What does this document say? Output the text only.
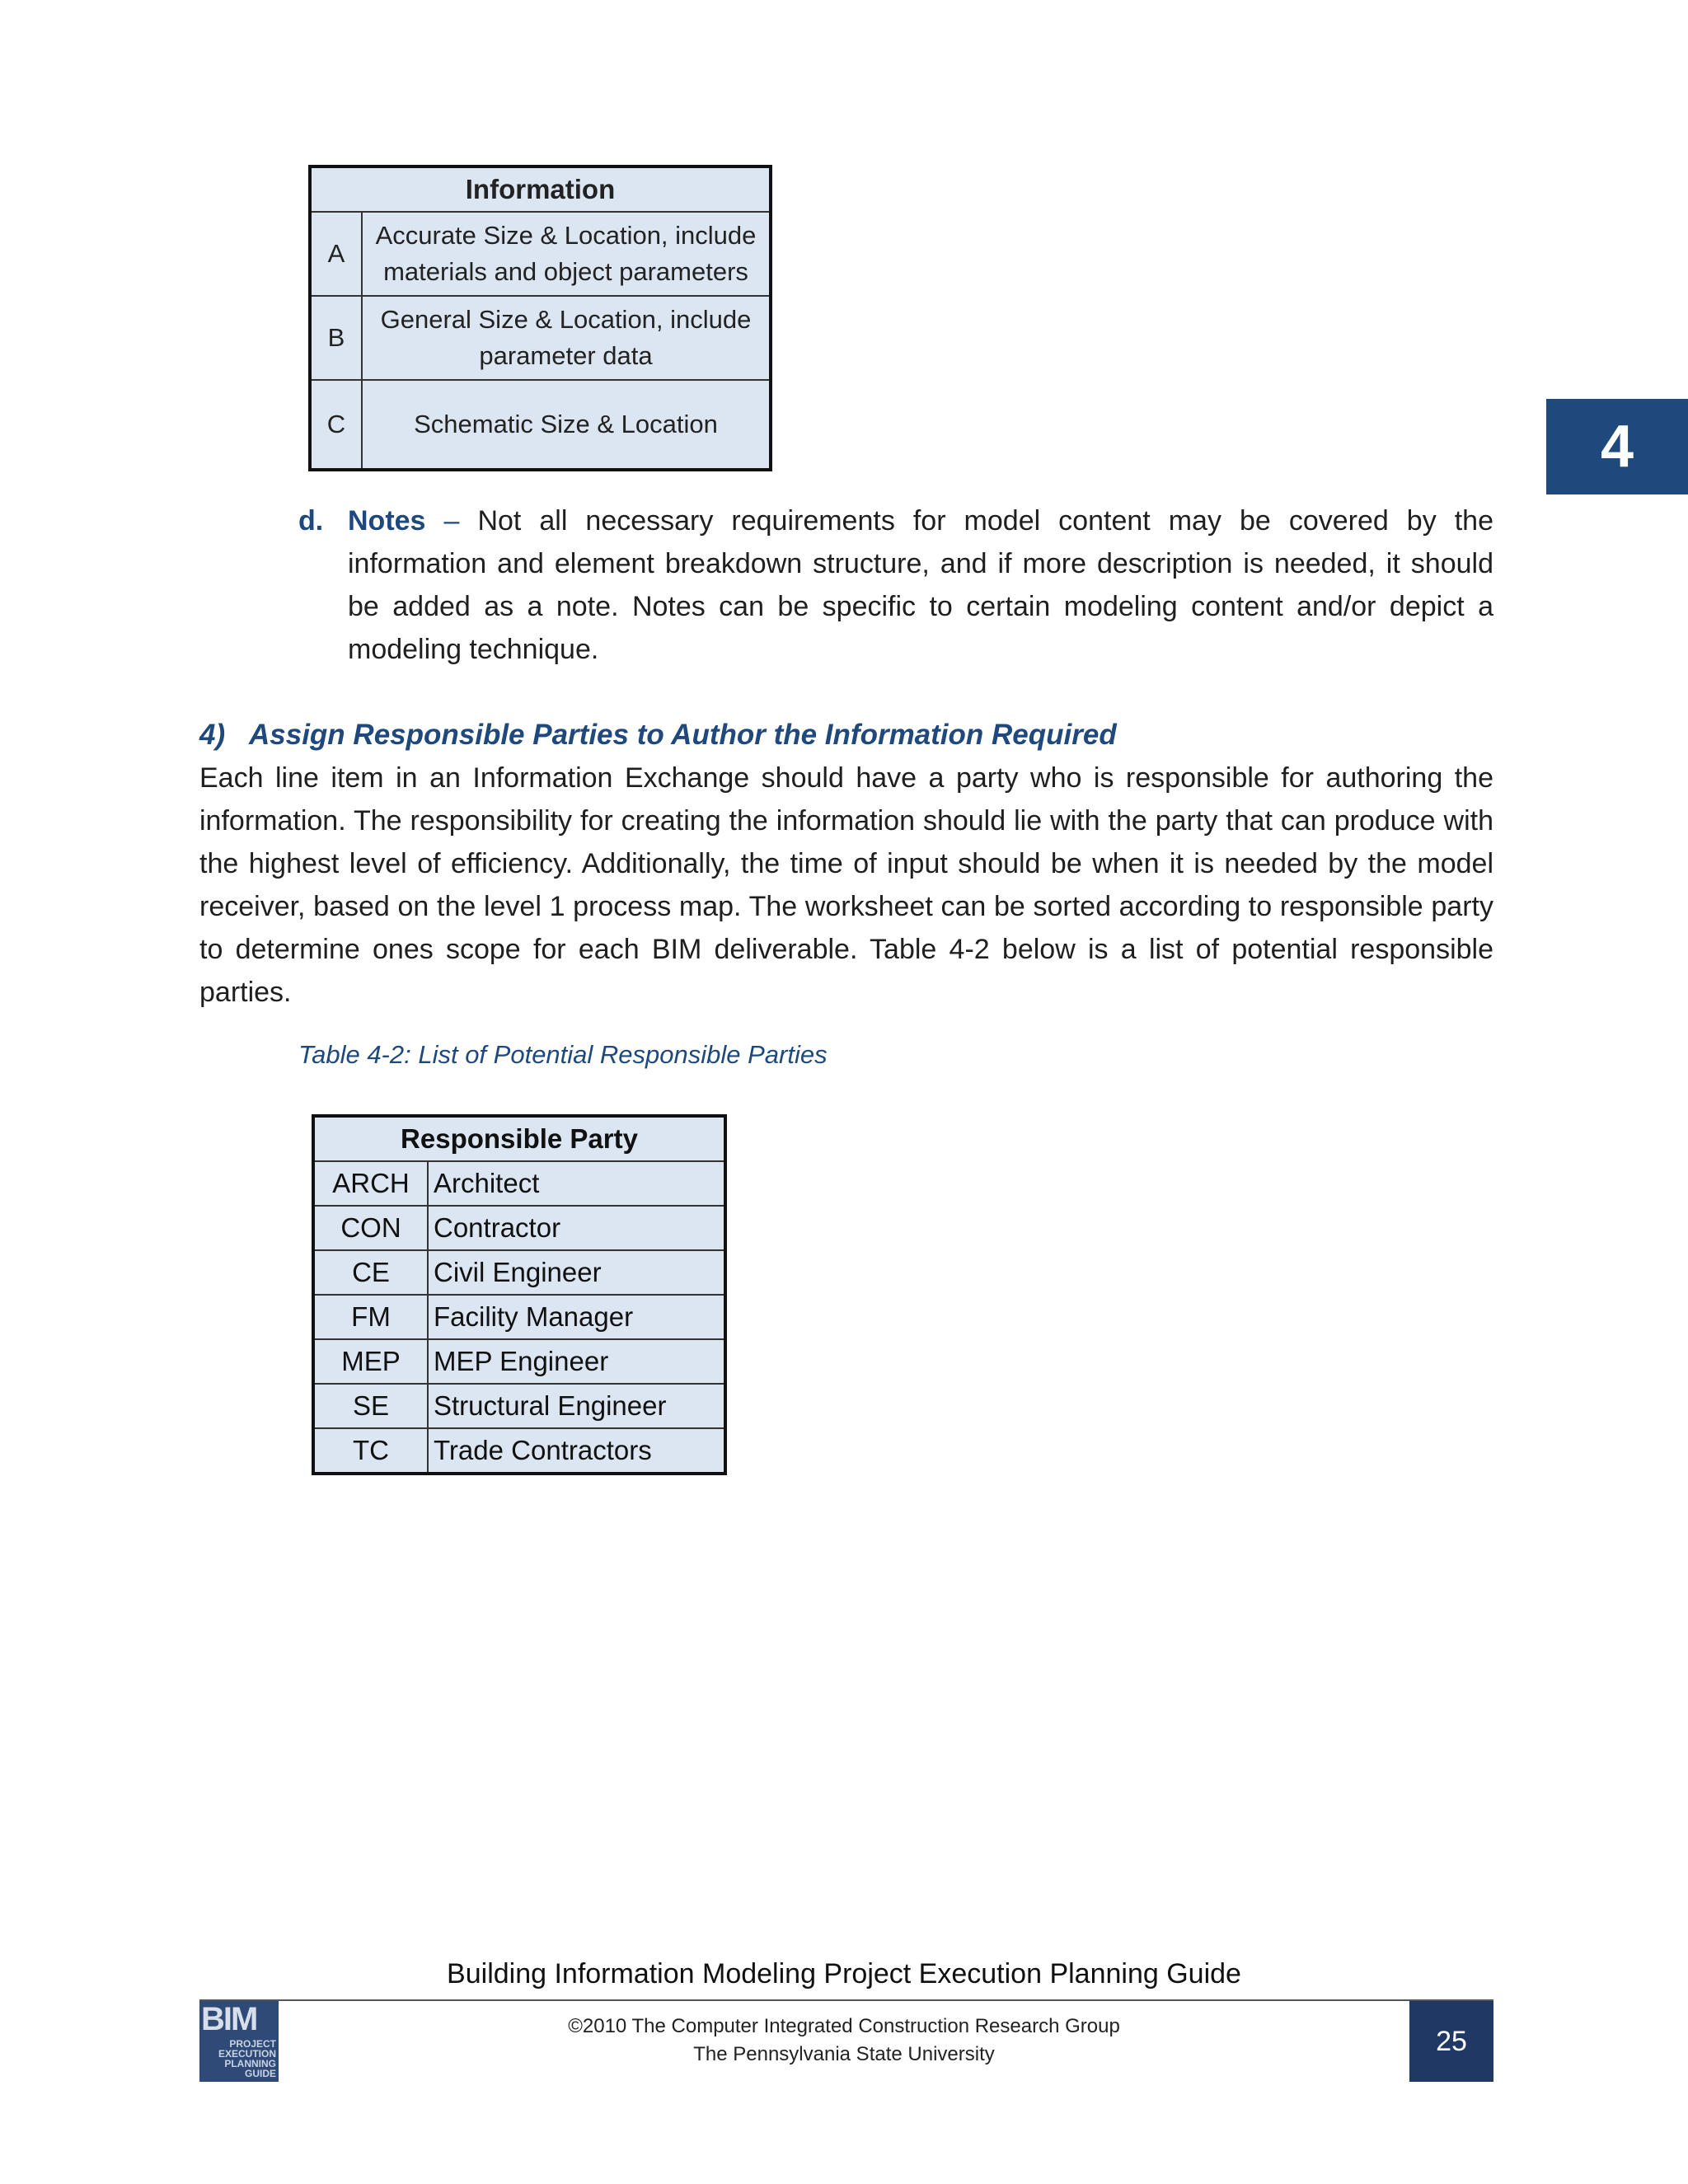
4
Information	
A	Accurate Size & Location, include materials and object parameters
B	General Size & Location, include parameter data
C	Schematic Size & Location
d. Notes – Not all necessary requirements for model content may be covered by the information and element breakdown structure, and if more description is needed, it should be added as a note. Notes can be specific to certain modeling content and/or depict a modeling technique.
4) Assign Responsible Parties to Author the Information Required
Each line item in an Information Exchange should have a party who is responsible for authoring the information. The responsibility for creating the information should lie with the party that can produce with the highest level of efficiency. Additionally, the time of input should be when it is needed by the model receiver, based on the level 1 process map. The worksheet can be sorted according to responsible party to determine ones scope for each BIM deliverable. Table 4-2 below is a list of potential responsible parties.
Table 4-2: List of Potential Responsible Parties
Responsible Party	
ARCH	Architect
CON	Contractor
CE	Civil Engineer
FM	Facility Manager
MEP	MEP Engineer
SE	Structural Engineer
TC	Trade Contractors
Building Information Modeling Project Execution Planning Guide
BIM
PROJECT
EXECUTION
PLANNING
GUIDE
©2010 The Computer Integrated Construction Research Group
The Pennsylvania State University	25
